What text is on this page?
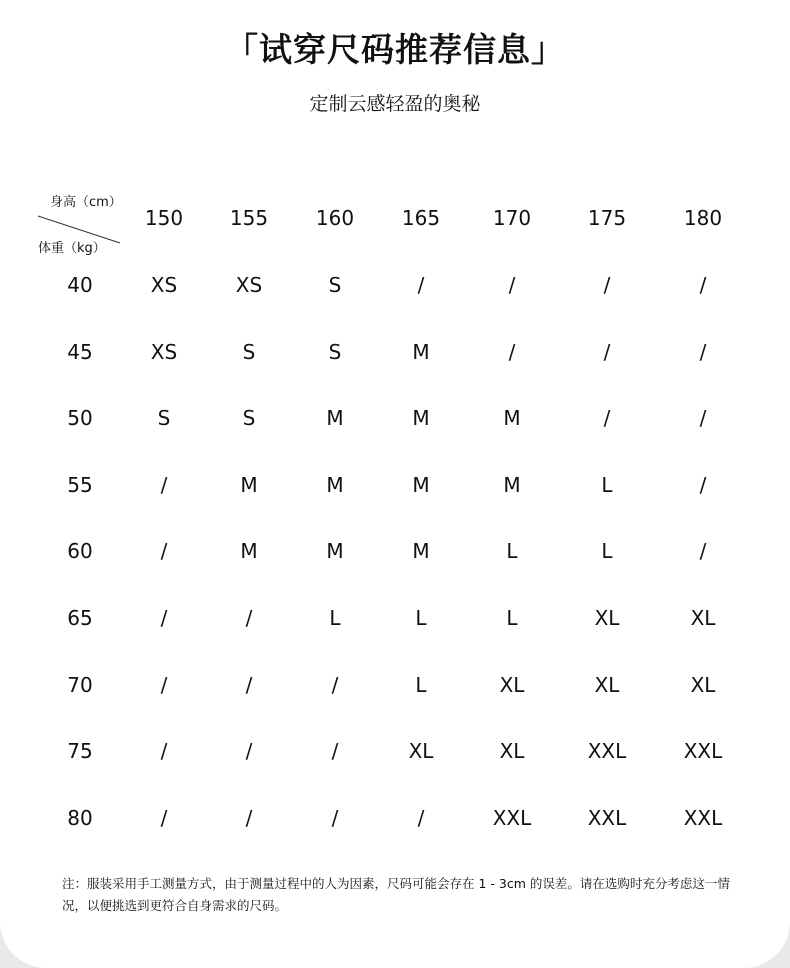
「试穿尺码推荐信息」

定制云感轻盈的奥秘

身高（cm）
体重（kg）
150	155	160	165	170	175	180
40	XS	XS	S	/	/	/	/
45	XS	S	S	M	/	/	/
50	S	S	M	M	M	/	/
55	/	M	M	M	M	L	/
60	/	M	M	M	L	L	/
65	/	/	L	L	L	XL	XL
70	/	/	/	L	XL	XL	XL
75	/	/	/	XL	XL	XXL	XXL
80	/	/	/	/	XXL	XXL	XXL

注：服装采用手工测量方式，由于测量过程中的人为因素，尺码可能会存在 1 - 3cm 的误差。请在选购时充分考虑这一情况，以便挑选到更符合自身需求的尺码。
